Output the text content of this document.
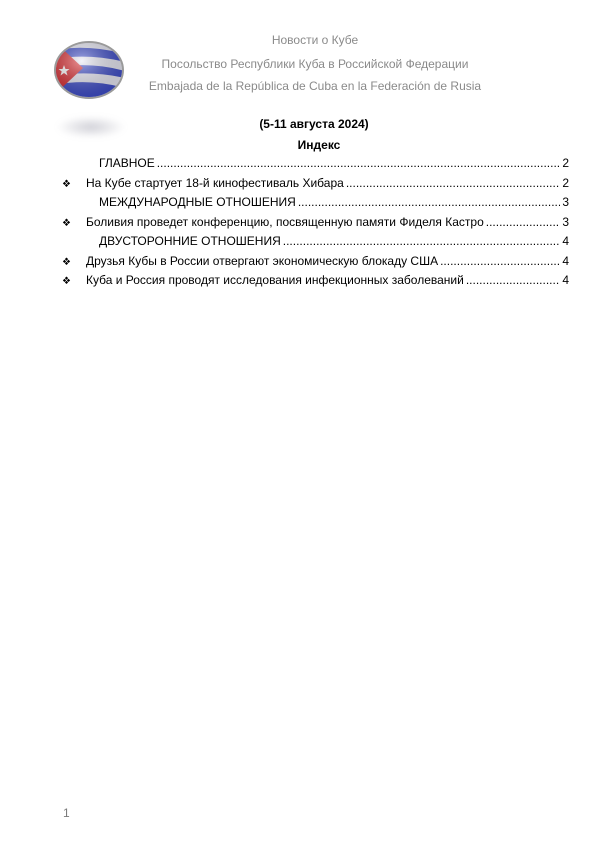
Новости о Кубе
Посольство Республики Куба в Российской Федерации
Embajada de la República de Cuba en la Federación de Rusia
(5-11 августа 2024)
Индекс
ГЛАВНОЕ .....	2
❖	На Кубе стартует 18-й кинофестиваль Хибара .....	2
МЕЖДУНАРОДНЫЕ ОТНОШЕНИЯ .....	3
❖	Боливия проведет конференцию, посвященную памяти Фиделя Кастро .....	3
ДВУСТОРОННИЕ ОТНОШЕНИЯ .....	4
❖	Друзья Кубы в России отвергают экономическую блокаду США .....	4
❖	Куба и Россия проводят исследования инфекционных заболеваний .....	4
1
